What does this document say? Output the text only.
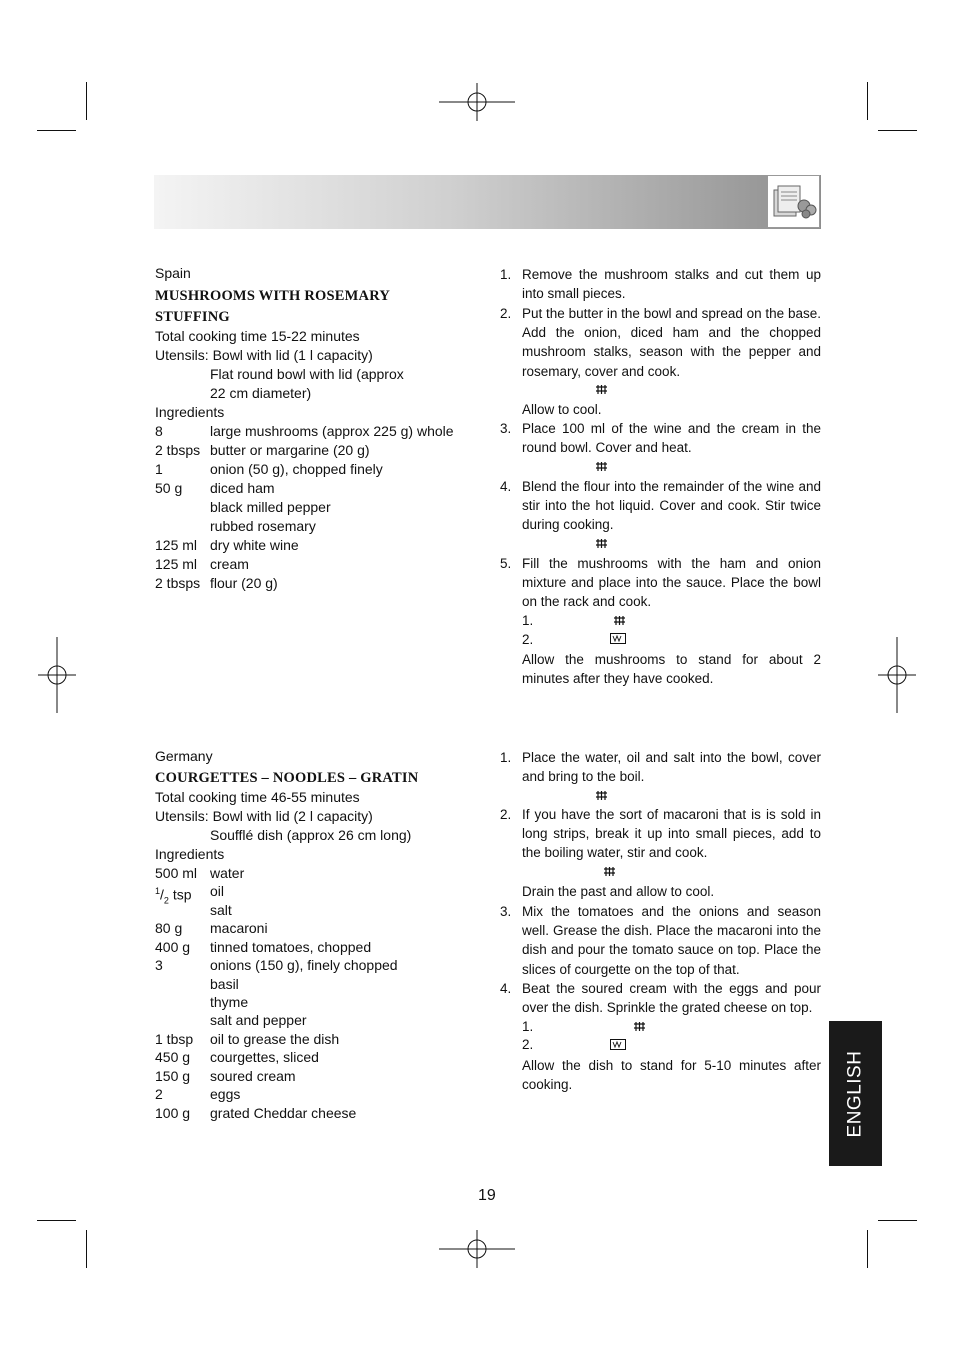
Spain
MUSHROOMS WITH ROSEMARY
STUFFING
Total cooking time 15-22 minutes
Utensils: Bowl with lid (1 l capacity)
Flat round bowl with lid (approx
22 cm diameter)
Ingredients
8	large mushrooms (approx 225 g) whole
2 tbsps butter or margarine (20 g)
1	onion (50 g), chopped finely
50 g diced ham
black milled pepper
rubbed rosemary
125 ml dry white wine
125 ml cream
2 tbsps flour (20 g)
1. Remove the mushroom stalks and cut them up into small pieces.
2. Put the butter in the bowl and spread on the base. Add the onion, diced ham and the chopped mushroom stalks, season with the pepper and rosemary, cover and cook.
Allow to cool.
3. Place 100 ml of the wine and the cream in the round bowl. Cover and heat.
4. Blend the flour into the remainder of the wine and stir into the hot liquid. Cover and cook. Stir twice during cooking.
5. Fill the mushrooms with the ham and onion mixture and place into the sauce. Place the bowl on the rack and cook.
1.
2.
Allow the mushrooms to stand for about 2 minutes after they have cooked.
Germany
COURGETTES – NOODLES – GRATIN
Total cooking time 46-55 minutes
Utensils: Bowl with lid (2 l capacity)
Soufflé dish (approx 26 cm long)
Ingredients
500 ml water
$^1/_2$ tsp oil
salt
80 g macaroni
400 g tinned tomatoes, chopped
3	onions (150 g), finely chopped
basil
thyme
salt and pepper
1 tbsp oil to grease the dish
450 g courgettes, sliced
150 g soured cream
2	eggs
100 g grated Cheddar cheese
1. Place the water, oil and salt into the bowl, cover and bring to the boil.
2. If you have the sort of macaroni that is is sold in long strips, break it up into small pieces, add to the boiling water, stir and cook.
Drain the past and allow to cool.
3. Mix the tomatoes and the onions and season well. Grease the dish. Place the macaroni into the dish and pour the tomato sauce on top. Place the slices of courgette on the top of that.
4. Beat the soured cream with the eggs and pour over the dish. Sprinkle the grated cheese on top.
1.
2.
Allow the dish to stand for 5-10 minutes after cooking.	ENGLISH
19
